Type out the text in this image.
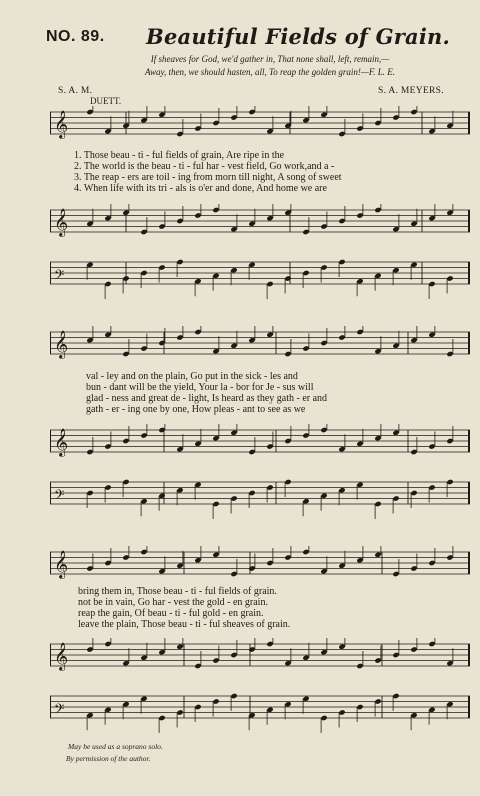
NO. 89. Beautiful Fields of Grain.
If sheaves for God, we'd gather in, That none shall, left, remain,—
Away, then, we should hasten, all, To reap the golden grain!—F. L. E.
S. A. M.	S. A. MEYERS.
DUETT.
𝄞
1. Those beau - ti - ful fields of grain, Are ripe in the
2. The world is the beau - ti - ful har - vest field, Go work,and a -
3. The reap - ers are toil - ing from morn till night, A song of sweet
4. When life with its tri - als is o'er and done, And home we are
𝄞
𝄢
𝄞
val - ley and on the plain, Go put in the sick - les and
bun - dant will be the yield, Your la - bor for Je - sus will
glad - ness and great de - light, Is heard as they gath - er and
gath - er - ing one by one, How pleas - ant to see as we
𝄞
𝄢
𝄞
bring them in, Those beau - ti - ful fields of grain.
not be in vain, Go har - vest the gold - en grain.
reap the gain, Of beau - ti - ful gold - en grain.
leave the plain, Those beau - ti - ful sheaves of grain.
𝄞
𝄢
May be used as a soprano solo.
By permission of the author.
